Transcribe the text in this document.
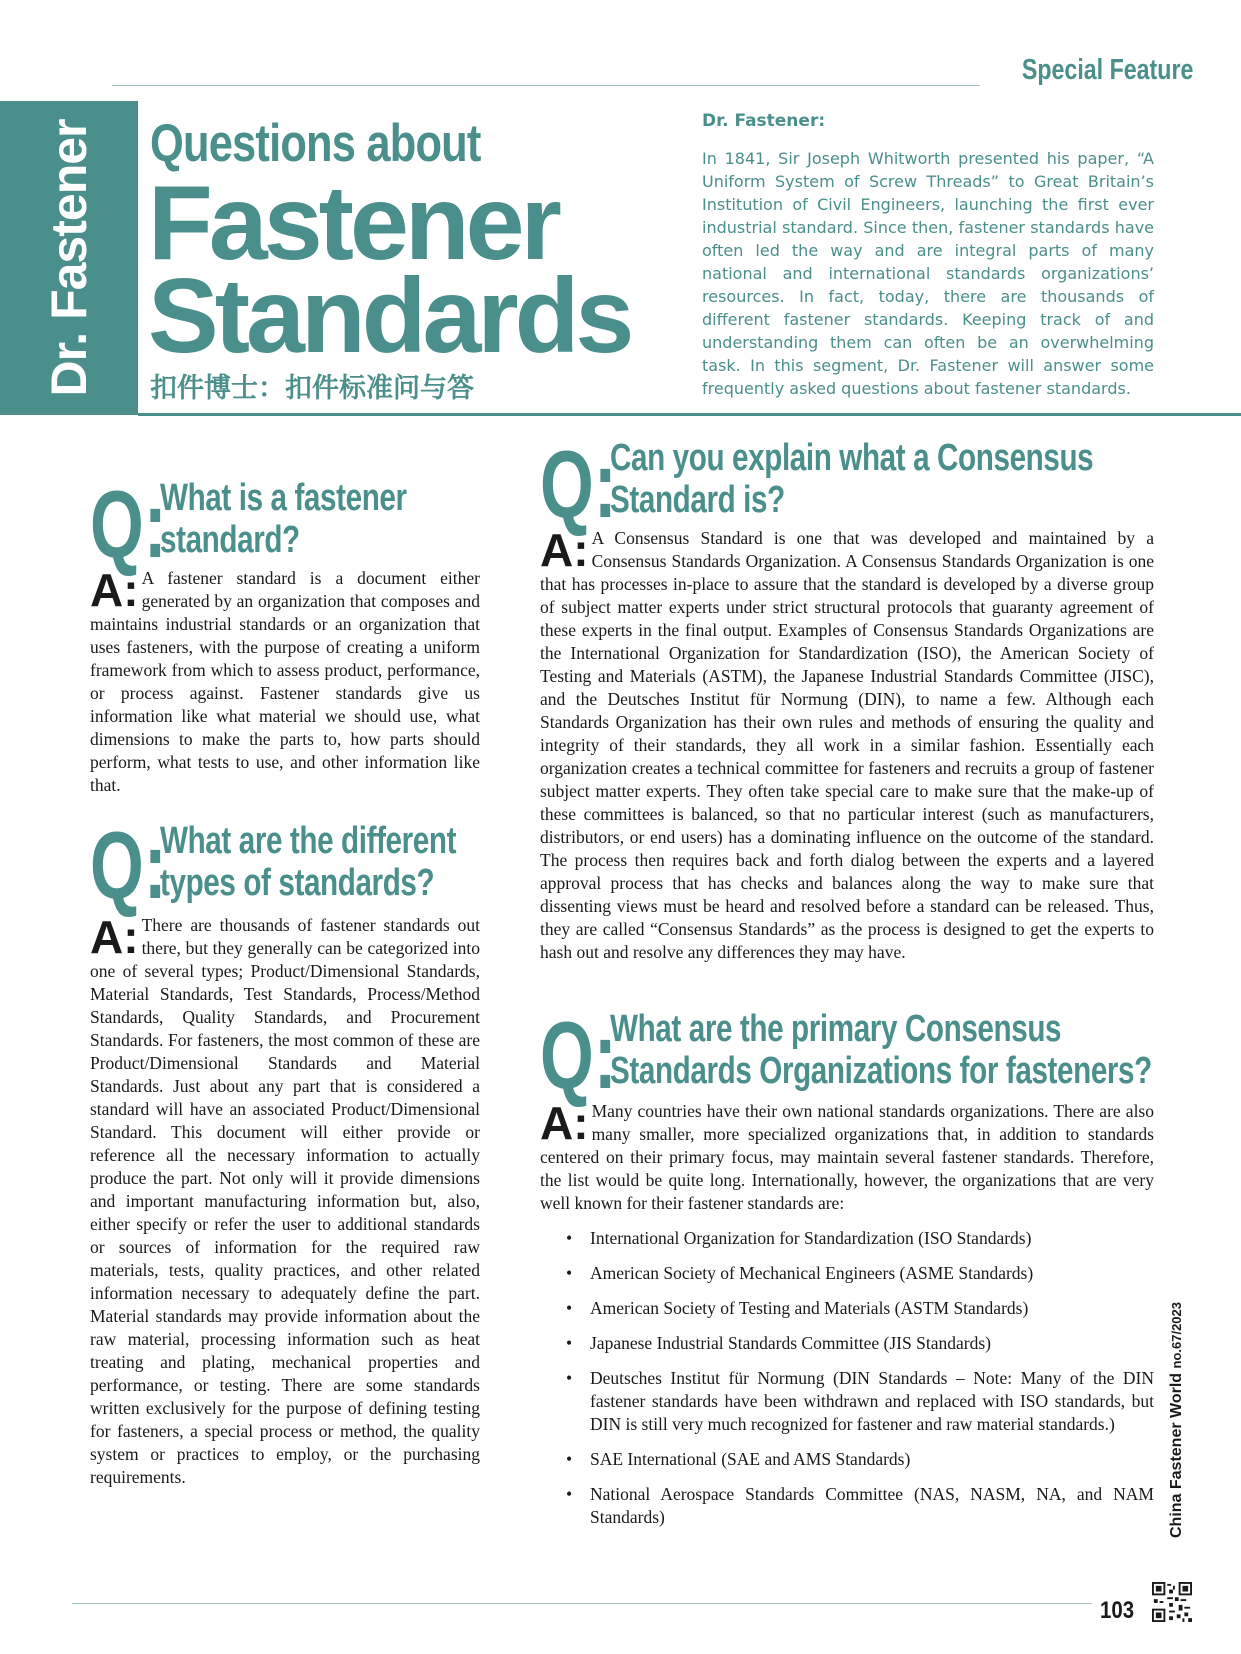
Special Feature

Dr. Fastener Questions about
Fastener
Standards

扣件博士：扣件标准问与答

Dr. Fastener:

In 1841, Sir Joseph Whitworth presented his paper, “A Uniform System of Screw Threads” to Great Britain’s Institution of Civil Engineers, launching the first ever industrial standard. Since then, fastener standards have often led the way and are integral parts of many national and international standards organizations’ resources. In fact, today, there are thousands of different fastener standards. Keeping track of and understanding them can often be an overwhelming task. In this segment, Dr. Fastener will answer some frequently asked questions about fastener standards.

Q:

What is a fastener

standard?

A: A fastener standard is a document either generated by an organization that composes and maintains industrial standards or an organization that uses fasteners, with the purpose of creating a uniform framework from which to assess product, performance, or process against. Fastener standards give us information like what material we should use, what dimensions to make the parts to, how parts should perform, what tests to use, and other information like that.

Q:

What are the different

types of standards?

A: There are thousands of fastener standards out there, but they generally can be categorized into one of several types; Product/Dimensional Standards, Material Standards, Test Standards, Process/Method Standards, Quality Standards, and Procurement Standards. For fasteners, the most common of these are Product/Dimensional Standards and Material Standards. Just about any part that is considered a standard will have an associated Product/Dimensional Standard. This document will either provide or reference all the necessary information to actually produce the part. Not only will it provide dimensions and important manufacturing information but, also, either specify or refer the user to additional standards or sources of information for the required raw materials, tests, quality practices, and other related information necessary to adequately define the part. Material standards may provide information about the raw material, processing information such as heat treating and plating, mechanical properties and performance, or testing. There are some standards written exclusively for the purpose of defining testing for fasteners, a special process or method, the quality system or practices to employ, or the purchasing requirements.

Q:

Can you explain what a Consensus

Standard is?

A: A Consensus Standard is one that was developed and maintained by a Consensus Standards Organization. A Consensus Standards Organization is one that has processes in-place to assure that the standard is developed by a diverse group of subject matter experts under strict structural protocols that guaranty agreement of these experts in the final output. Examples of Consensus Standards Organizations are the International Organization for Standardization (ISO), the American Society of Testing and Materials (ASTM), the Japanese Industrial Standards Committee (JISC), and the Deutsches Institut für Normung (DIN), to name a few. Although each Standards Organization has their own rules and methods of ensuring the quality and integrity of their standards, they all work in a similar fashion. Essentially each organization creates a technical committee for fasteners and recruits a group of fastener subject matter experts. They often take special care to make sure that the make-up of these committees is balanced, so that no particular interest (such as manufacturers, distributors, or end users) has a dominating influence on the outcome of the standard. The process then requires back and forth dialog between the experts and a layered approval process that has checks and balances along the way to make sure that dissenting views must be heard and resolved before a standard can be released. Thus, they are called “Consensus Standards” as the process is designed to get the experts to hash out and resolve any differences they may have.

Q:

What are the primary Consensus

Standards Organizations for fasteners?

A: Many countries have their own national standards organizations. There are also many smaller, more specialized organizations that, in addition to standards centered on their primary focus, may maintain several fastener standards. Therefore, the list would be quite long. Internationally, however, the organizations that are very well known for their fastener standards are:

• International Organization for Standardization (ISO Standards)
• American Society of Mechanical Engineers (ASME Standards)
• American Society of Testing and Materials (ASTM Standards)
• Japanese Industrial Standards Committee (JIS Standards)
• Deutsches Institut für Normung (DIN Standards – Note: Many of the DIN fastener standards have been withdrawn and replaced with ISO standards, but DIN is still very much recognized for fastener and raw material standards.)
• SAE International (SAE and AMS Standards)
• National Aerospace Standards Committee (NAS, NASM, NA, and NAM Standards)	China Fastener World no.67/2023

103
